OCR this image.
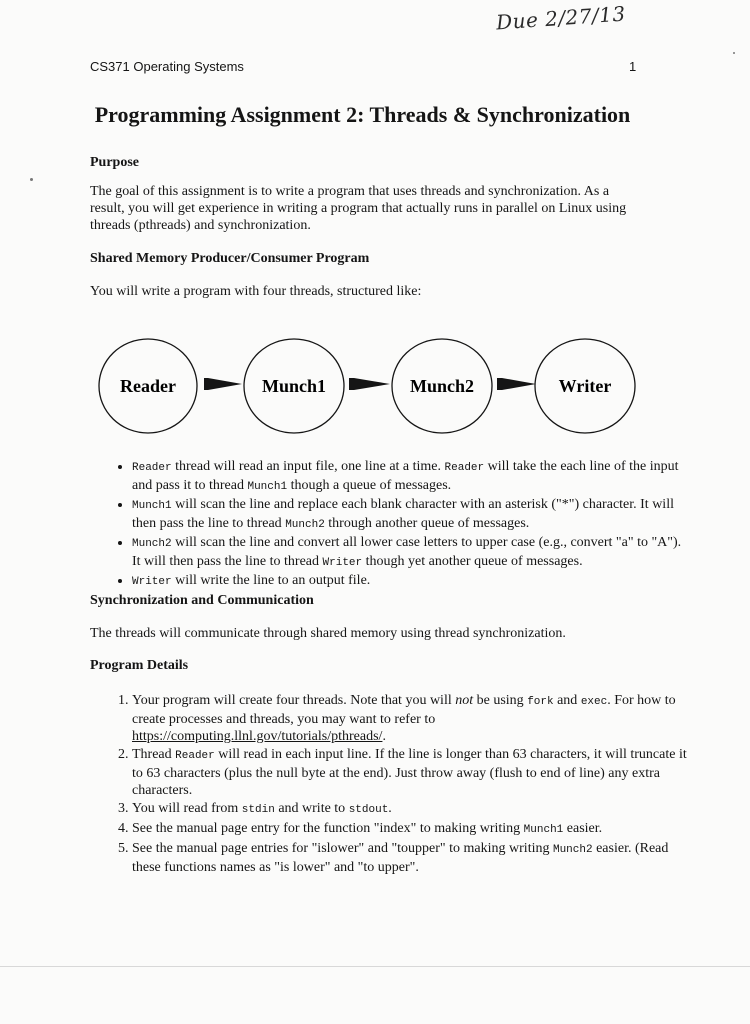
Due 2/27/13
CS371 Operating Systems	1
Programming Assignment 2: Threads & Synchronization
Purpose
The goal of this assignment is to write a program that uses threads and synchronization. As a result, you will get experience in writing a program that actually runs in parallel on Linux using threads (pthreads) and synchronization.
Shared Memory Producer/Consumer Program
You will write a program with four threads, structured like:
Reader	Munch1	Munch2	Writer
• Reader thread will read an input file, one line at a time. Reader will take the each line of the input and pass it to thread Munch1 though a queue of messages.
• Munch1 will scan the line and replace each blank character with an asterisk ("*") character. It will then pass the line to thread Munch2 through another queue of messages.
• Munch2 will scan the line and convert all lower case letters to upper case (e.g., convert "a" to "A"). It will then pass the line to thread Writer though yet another queue of messages.
• Writer will write the line to an output file.
Synchronization and Communication
The threads will communicate through shared memory using thread synchronization.
Program Details
1. Your program will create four threads. Note that you will not be using fork and exec. For how to create processes and threads, you may want to refer to https://computing.llnl.gov/tutorials/pthreads/.
2. Thread Reader will read in each input line. If the line is longer than 63 characters, it will truncate it to 63 characters (plus the null byte at the end). Just throw away (flush to end of line) any extra characters.
3. You will read from stdin and write to stdout.
4. See the manual page entry for the function "index" to making writing Munch1 easier.
5. See the manual page entries for "islower" and "toupper" to making writing Munch2 easier. (Read these functions names as "is lower" and "to upper".
